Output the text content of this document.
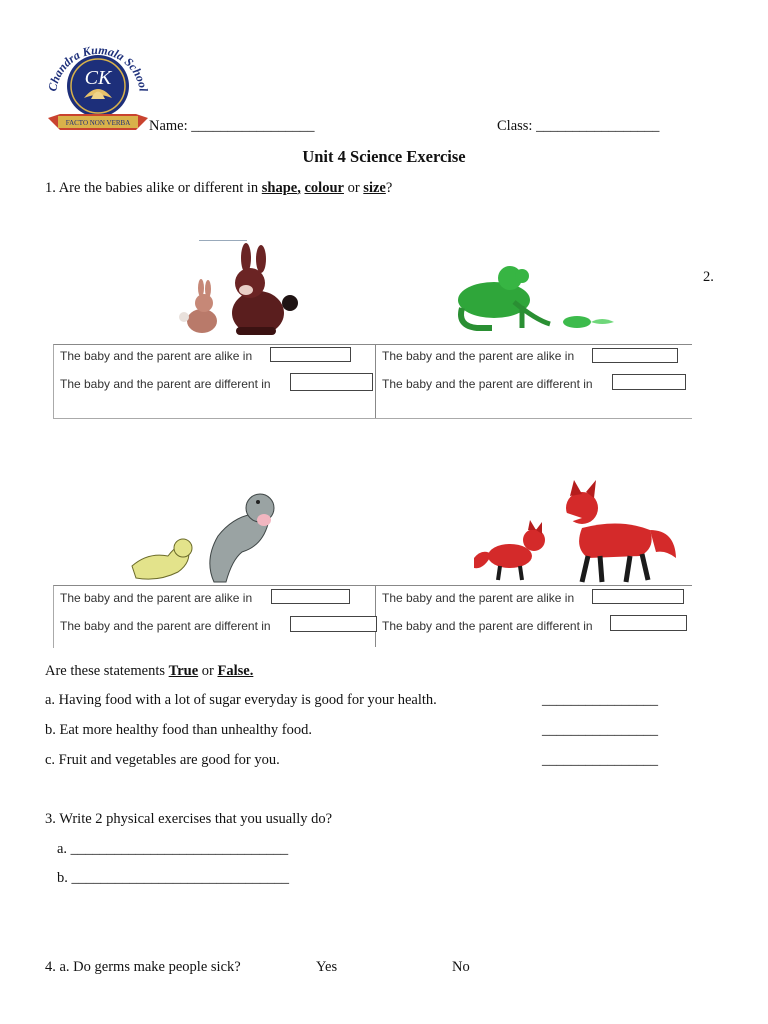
CK
Chandra Kumala School
FACTO NON VERBA Name: _________________	Class: _________________
Unit 4 Science Exercise
1. Are the babies alike or different in shape, colour or size?
2.
The baby and the parent are alike in
The baby and the parent are different in
The baby and the parent are alike in
The baby and the parent are different in
The baby and the parent are alike in
The baby and the parent are different in
The baby and the parent are alike in
The baby and the parent are different in
Are these statements True or False.
a. Having food with a lot of sugar everyday is good for your health.	________________
b. Eat more healthy food than unhealthy food.	________________
c. Fruit and vegetables are good for you.	________________
3. Write 2 physical exercises that you usually do?
a. ______________________________
b. ______________________________
4. a. Do germs make people sick?	Yes	No
